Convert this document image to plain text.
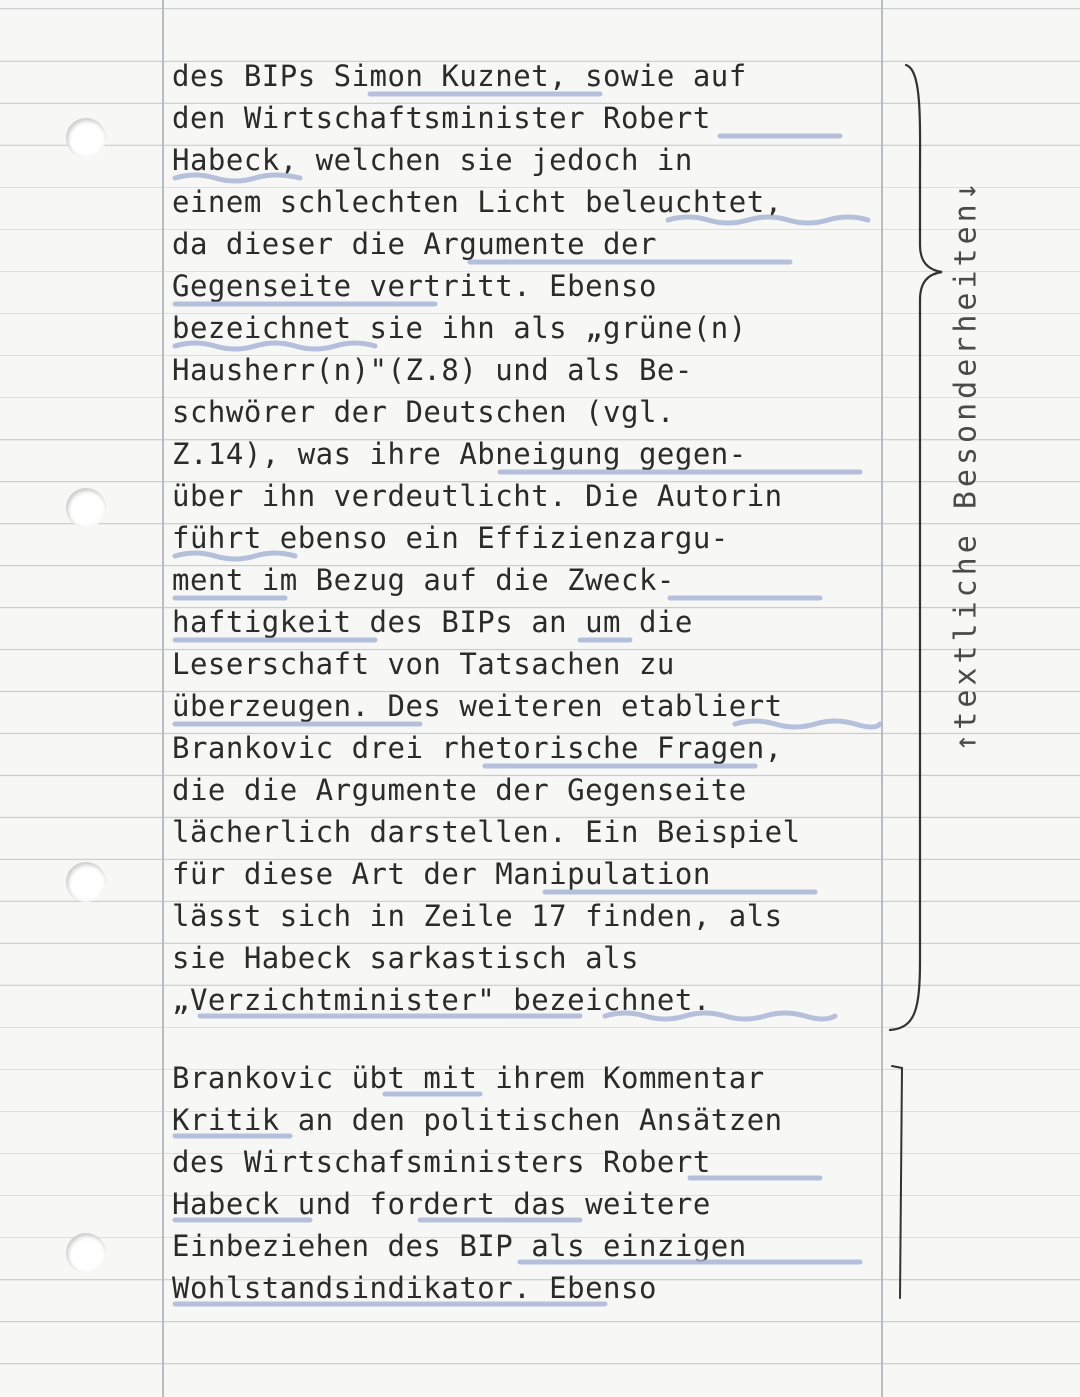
des BIPs Simon Kuznet, sowie auf
den Wirtschaftsminister Robert
Habeck, welchen sie jedoch in
einem schlechten Licht beleuchtet,
da dieser die Argumente der
Gegenseite vertritt. Ebenso
bezeichnet sie ihn als „grüne(n)
Hausherr(n)"(Z.8) und als Be-
schwörer der Deutschen (vgl.
Z.14), was ihre Abneigung gegen-
über ihn verdeutlicht. Die Autorin
führt ebenso ein Effizienzargu-
ment im Bezug auf die Zweck-
haftigkeit des BIPs an um die
Leserschaft von Tatsachen zu
überzeugen. Des weiteren etabliert
Brankovic drei rhetorische Fragen,
die die Argumente der Gegenseite
lächerlich darstellen. Ein Beispiel
für diese Art der Manipulation
lässt sich in Zeile 17 finden, als
sie Habeck sarkastisch als
„Verzichtminister" bezeichnet.
Brankovic übt mit ihrem Kommentar
Kritik an den politischen Ansätzen
des Wirtschafsministers Robert
Habeck und fordert das weitere
Einbeziehen des BIP als einzigen
Wohlstandsindikator. Ebenso
↑textliche Besonderheiten↓
